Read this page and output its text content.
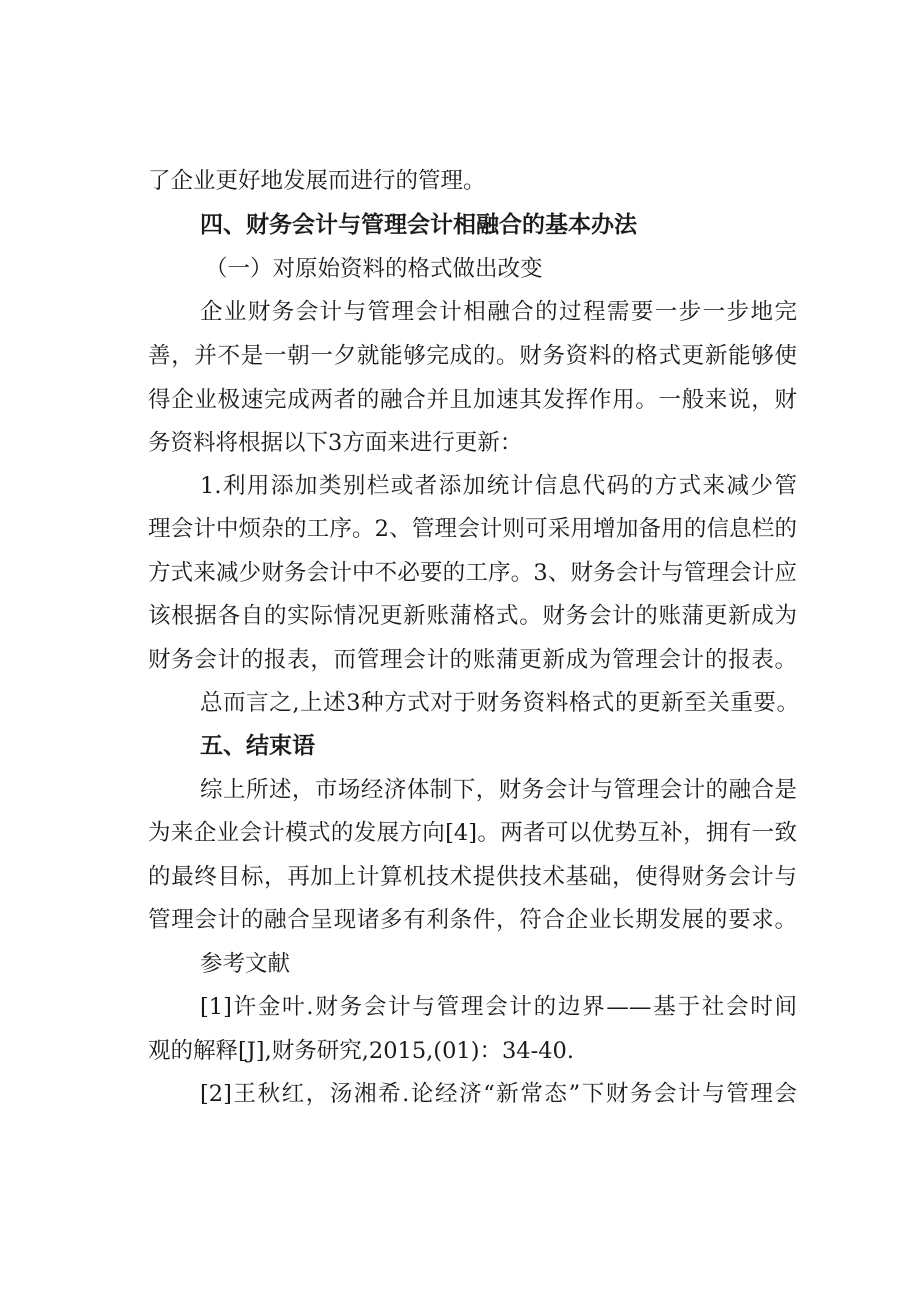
了企业更好地发展而进行的管理。
四、财务会计与管理会计相融合的基本办法
（一）对原始资料的格式做出改变
企业财务会计与管理会计相融合的过程需要一步一步地完
善，并不是一朝一夕就能够完成的。财务资料的格式更新能够使
得企业极速完成两者的融合并且加速其发挥作用。一般来说，财
务资料将根据以下3方面来进行更新：
1.利用添加类别栏或者添加统计信息代码的方式来减少管
理会计中烦杂的工序。2、管理会计则可采用增加备用的信息栏的
方式来减少财务会计中不必要的工序。3、财务会计与管理会计应
该根据各自的实际情况更新账蒲格式。财务会计的账蒲更新成为
财务会计的报表，而管理会计的账蒲更新成为管理会计的报表。
总而言之,上述3种方式对于财务资料格式的更新至关重要。
五、结束语
综上所述，市场经济体制下，财务会计与管理会计的融合是
为来企业会计模式的发展方向[4]。两者可以优势互补，拥有一致
的最终目标，再加上计算机技术提供技术基础，使得财务会计与
管理会计的融合呈现诸多有利条件，符合企业长期发展的要求。
参考文献
[1]许金叶.财务会计与管理会计的边界——基于社会时间
观的解释[J],财务研究,2015,(01)：34-40.
[2]王秋红，汤湘希.论经济“新常态”下财务会计与管理会
